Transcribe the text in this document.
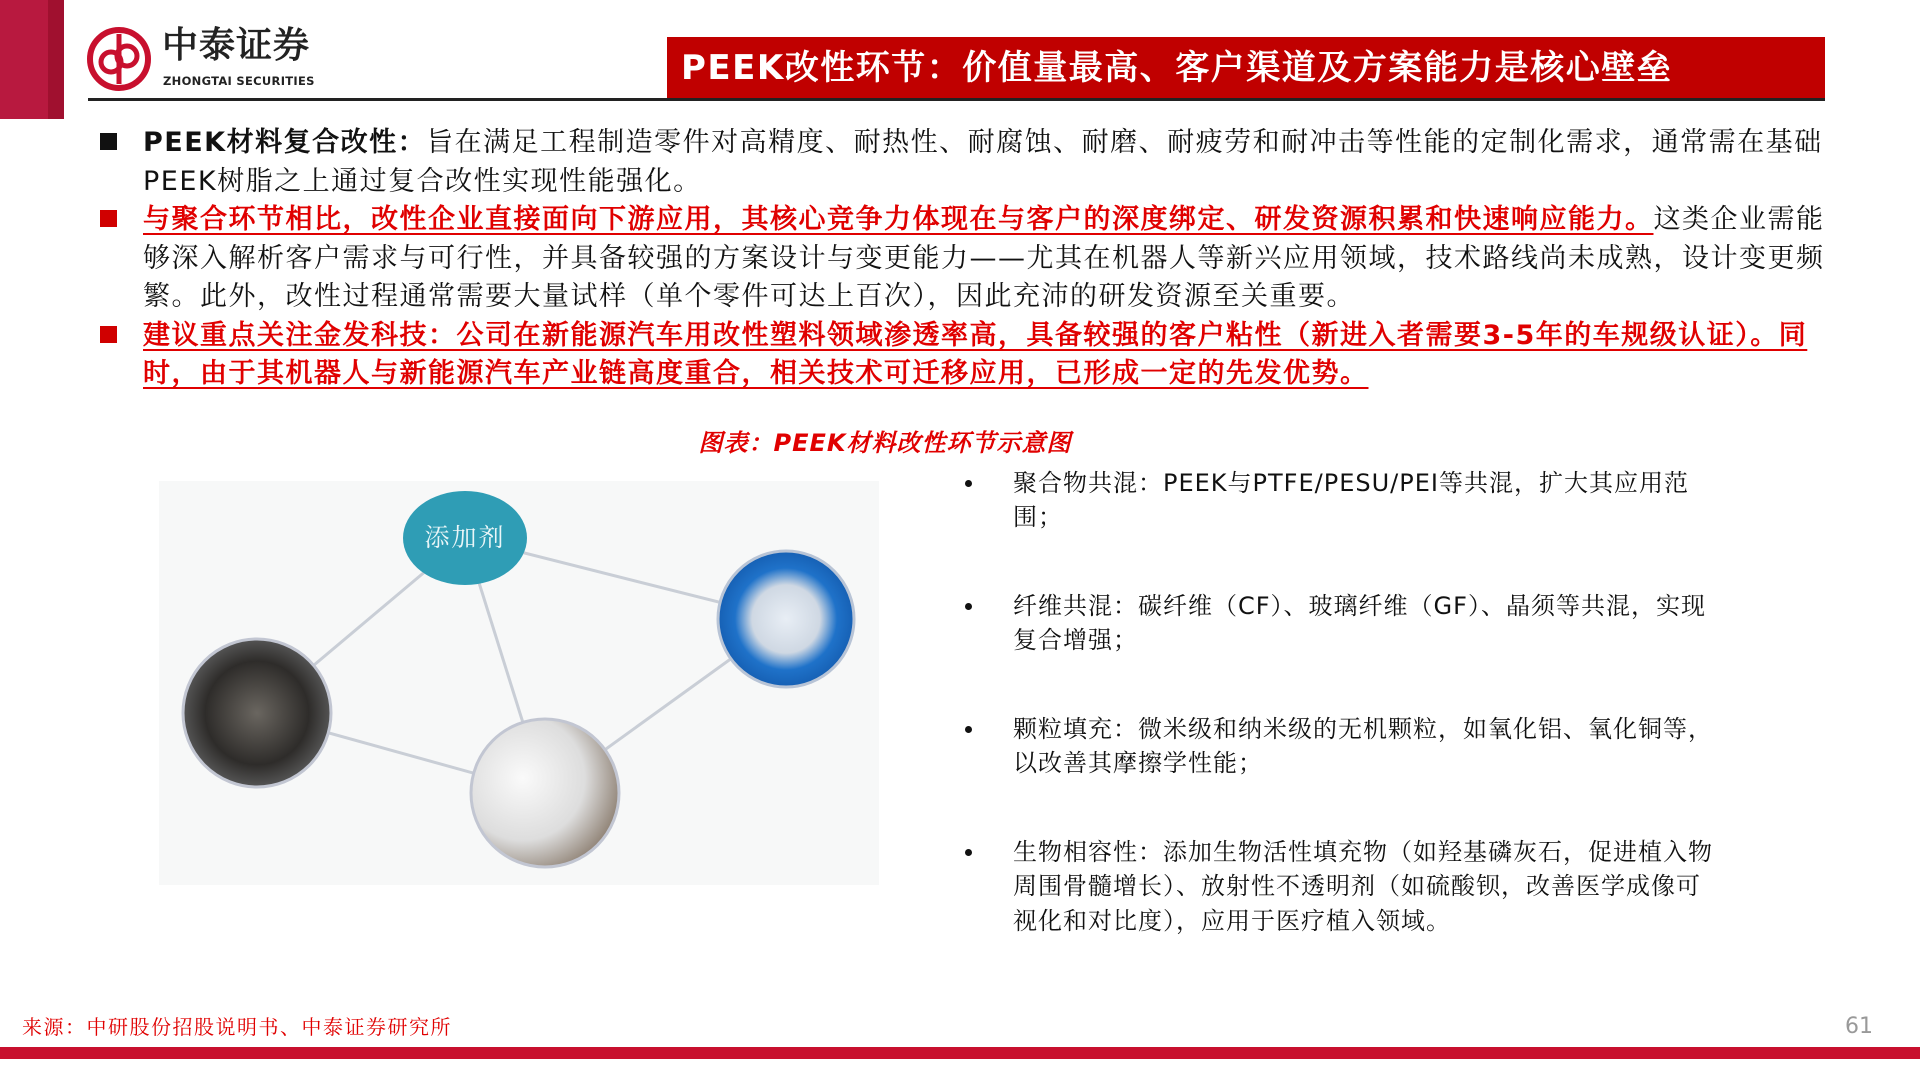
中泰证券
ZHONGTAI SECURITIES	PEEK改性环节：价值量最高、客户渠道及方案能力是核心壁垒
PEEK材料复合改性：旨在满足工程制造零件对高精度、耐热性、耐腐蚀、耐磨、耐疲劳和耐冲击等性能的定制化需求，通常需在基础PEEK树脂之上通过复合改性实现性能强化。
与聚合环节相比，改性企业直接面向下游应用，其核心竞争力体现在与客户的深度绑定、研发资源积累和快速响应能力。这类企业需能够深入解析客户需求与可行性，并具备较强的方案设计与变更能力——尤其在机器人等新兴应用领域，技术路线尚未成熟，设计变更频繁。此外，改性过程通常需要大量试样（单个零件可达上百次），因此充沛的研发资源至关重要。
建议重点关注金发科技：公司在新能源汽车用改性塑料领域渗透率高，具备较强的客户粘性（新进入者需要3-5年的车规级认证）。同时，由于其机器人与新能源汽车产业链高度重合，相关技术可迁移应用，已形成一定的先发优势。
图表：PEEK材料改性环节示意图
添加剂
聚合物共混：PEEK与PTFE/PESU/PEI等共混，扩大其应用范围；
纤维共混：碳纤维（CF）、玻璃纤维（GF）、晶须等共混，实现复合增强；
颗粒填充：微米级和纳米级的无机颗粒，如氧化铝、氧化铜等，以改善其摩擦学性能；
生物相容性：添加生物活性填充物（如羟基磷灰石，促进植入物周围骨髓增长）、放射性不透明剂（如硫酸钡，改善医学成像可视化和对比度），应用于医疗植入领域。
来源：中研股份招股说明书、中泰证券研究所	61
